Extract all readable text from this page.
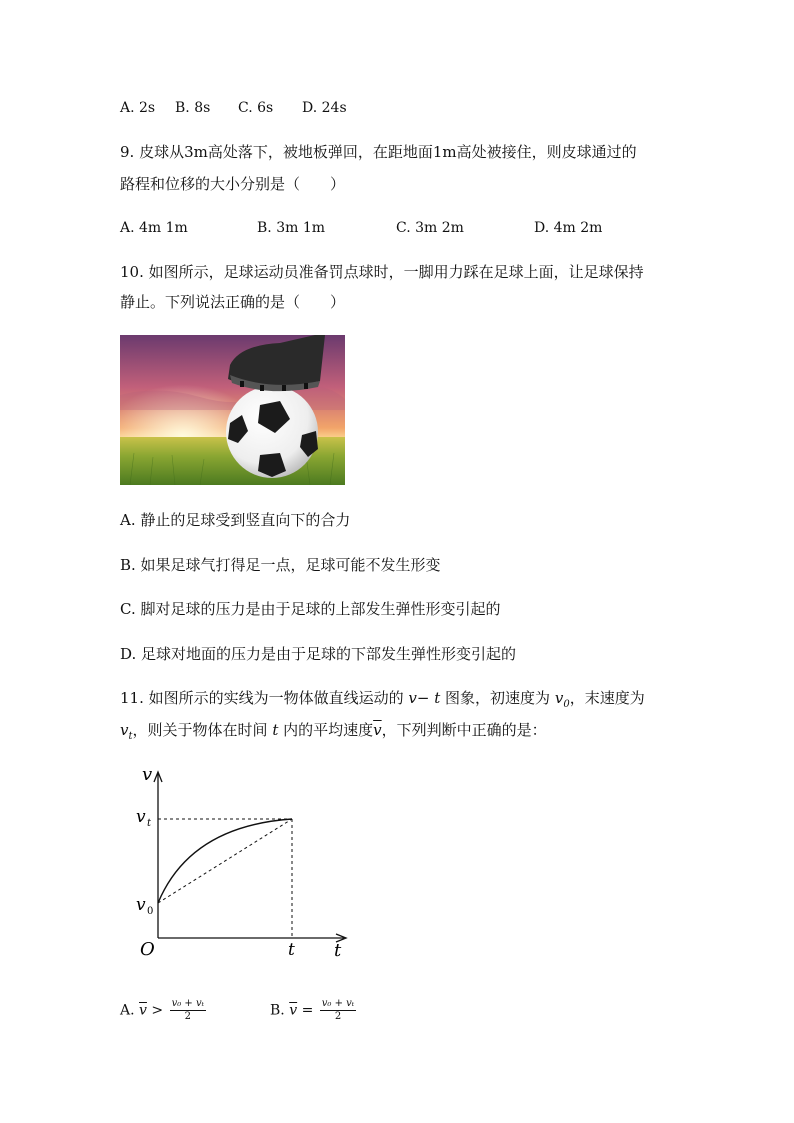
A. 2s B. 8s C. 6s D. 24s
9. 皮球从3m高处落下，被地板弹回，在距地面1m高处被接住，则皮球通过的
路程和位移的大小分别是（　　）
A. 4m 1m	B. 3m 1m	C. 3m 2m	D. 4m 2m
10. 如图所示，足球运动员准备罚点球时，一脚用力踩在足球上面，让足球保持
静止。下列说法正确的是（　　）
A. 静止的足球受到竖直向下的合力
B. 如果足球气打得足一点，足球可能不发生形变
C. 脚对足球的压力是由于足球的上部发生弹性形变引起的
D. 足球对地面的压力是由于足球的下部发生弹性形变引起的
11. 如图所示的实线为一物体做直线运动的 v− t 图象，初速度为 $v_0$，末速度为
$v_t$，则关于物体在时间 t 内的平均速度$\overline{v}$，下列判断中正确的是：
v
t
O
v t
v 0
t
A. $\overline{v} > \frac{\text{v₀ + vₜ}}{2}$	B. $\overline{v} = \frac{\text{v₀ + vₜ}}{2}$
